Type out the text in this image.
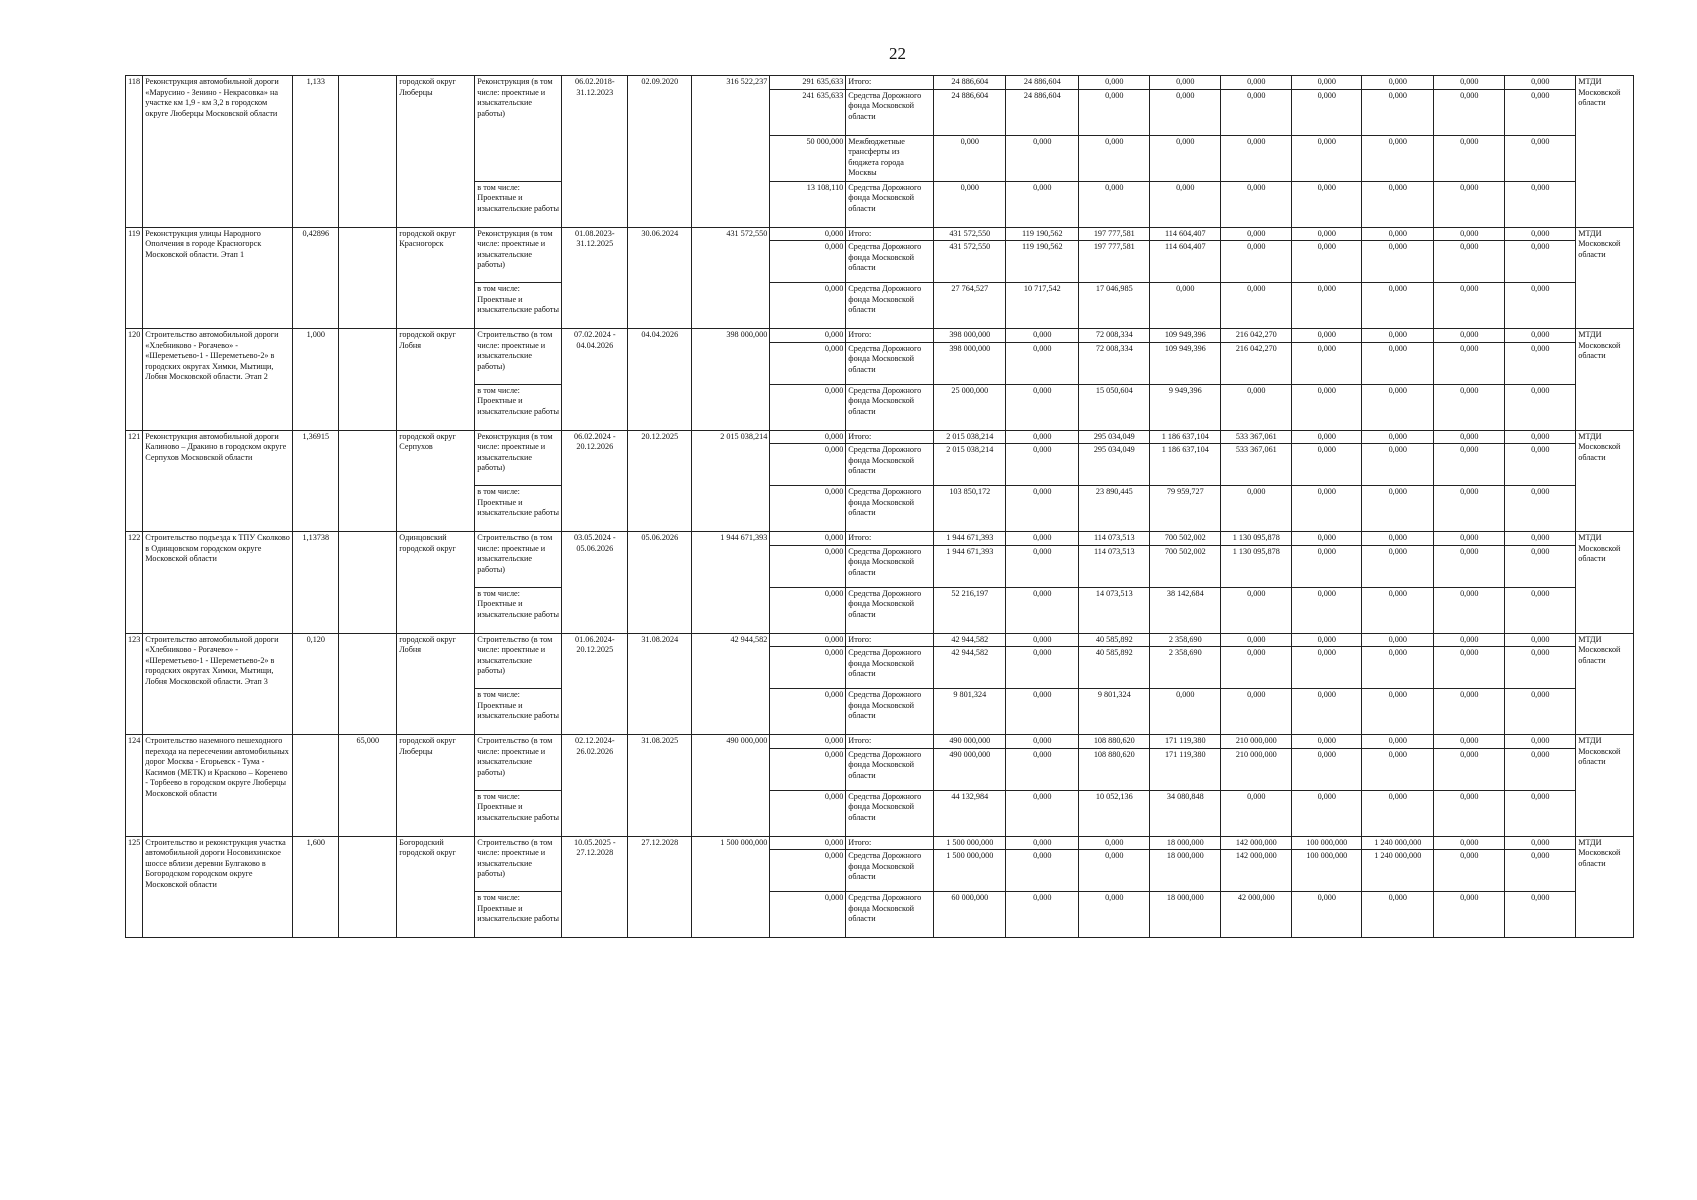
22
118	Реконструкция автомобильной дороги «Марусино - Зенино - Некрасовка» на участке км 1,9 - км 3,2 в городском округе Люберцы Московской области	1,133		городской округ Люберцы	Реконструкция (в том числе: проектные и изыскательские работы)	06.02.2018-31.12.2023	02.09.2020	316 522,237	291 635,633	Итого:	24 886,604	24 886,604	0,000	0,000	0,000	0,000	0,000	0,000	0,000	МТДИ Московской области
									241 635,633	Средства Дорожного фонда Московской области	24 886,604	24 886,604	0,000	0,000	0,000	0,000	0,000	0,000	0,000	
									50 000,000	Межбюджетные трансферты из бюджета города Москвы	0,000	0,000	0,000	0,000	0,000	0,000	0,000	0,000	0,000	
					в том числе: Проектные и изыскательские работы				13 108,110	Средства Дорожного фонда Московской области	0,000	0,000	0,000	0,000	0,000	0,000	0,000	0,000	0,000	
119	Реконструкция улицы Народного Ополчения в городе Красногорск Московской области. Этап 1	0,42896		городской округ Красногорск	Реконструкция (в том числе: проектные и изыскательские работы)	01.08.2023-31.12.2025	30.06.2024	431 572,550	0,000	Итого:	431 572,550	119 190,562	197 777,581	114 604,407	0,000	0,000	0,000	0,000	0,000	МТДИ Московской области
									0,000	Средства Дорожного фонда Московской области	431 572,550	119 190,562	197 777,581	114 604,407	0,000	0,000	0,000	0,000	0,000	
					в том числе: Проектные и изыскательские работы				0,000	Средства Дорожного фонда Московской области	27 764,527	10 717,542	17 046,985	0,000	0,000	0,000	0,000	0,000	0,000	
120	Строительство автомобильной дороги «Хлебниково - Рогачево» - «Шереметьево-1 - Шереметьево-2» в городских округах Химки, Мытищи, Лобня Московской области. Этап 2	1,000		городской округ Лобня	Строительство (в том числе: проектные и изыскательские работы)	07.02.2024 - 04.04.2026	04.04.2026	398 000,000	0,000	Итого:	398 000,000	0,000	72 008,334	109 949,396	216 042,270	0,000	0,000	0,000	0,000	МТДИ Московской области
									0,000	Средства Дорожного фонда Московской области	398 000,000	0,000	72 008,334	109 949,396	216 042,270	0,000	0,000	0,000	0,000	
					в том числе: Проектные и изыскательские работы				0,000	Средства Дорожного фонда Московской области	25 000,000	0,000	15 050,604	9 949,396	0,000	0,000	0,000	0,000	0,000	
121	Реконструкция автомобильной дороги Калиново – Дракино в городском округе Серпухов Московской области	1,36915		городской округ Серпухов	Реконструкция (в том числе: проектные и изыскательские работы)	06.02.2024 - 20.12.2026	20.12.2025	2 015 038,214	0,000	Итого:	2 015 038,214	0,000	295 034,049	1 186 637,104	533 367,061	0,000	0,000	0,000	0,000	МТДИ Московской области
									0,000	Средства Дорожного фонда Московской области	2 015 038,214	0,000	295 034,049	1 186 637,104	533 367,061	0,000	0,000	0,000	0,000	
					в том числе: Проектные и изыскательские работы				0,000	Средства Дорожного фонда Московской области	103 850,172	0,000	23 890,445	79 959,727	0,000	0,000	0,000	0,000	0,000	
122	Строительство подъезда к ТПУ Сколково в Одинцовском городском округе Московской области	1,13738		Одинцовский городской округ	Строительство (в том числе: проектные и изыскательские работы)	03.05.2024 - 05.06.2026	05.06.2026	1 944 671,393	0,000	Итого:	1 944 671,393	0,000	114 073,513	700 502,002	1 130 095,878	0,000	0,000	0,000	0,000	МТДИ Московской области
									0,000	Средства Дорожного фонда Московской области	1 944 671,393	0,000	114 073,513	700 502,002	1 130 095,878	0,000	0,000	0,000	0,000	
					в том числе: Проектные и изыскательские работы				0,000	Средства Дорожного фонда Московской области	52 216,197	0,000	14 073,513	38 142,684	0,000	0,000	0,000	0,000	0,000	
123	Строительство автомобильной дороги «Хлебниково - Рогачево» - «Шереметьево-1 - Шереметьево-2» в городских округах Химки, Мытищи, Лобня Московской области. Этап 3	0,120		городской округ Лобня	Строительство (в том числе: проектные и изыскательские работы)	01.06.2024-20.12.2025	31.08.2024	42 944,582	0,000	Итого:	42 944,582	0,000	40 585,892	2 358,690	0,000	0,000	0,000	0,000	0,000	МТДИ Московской области
									0,000	Средства Дорожного фонда Московской области	42 944,582	0,000	40 585,892	2 358,690	0,000	0,000	0,000	0,000	0,000	
					в том числе: Проектные и изыскательские работы				0,000	Средства Дорожного фонда Московской области	9 801,324	0,000	9 801,324	0,000	0,000	0,000	0,000	0,000	0,000	
124	Строительство наземного пешеходного перехода на пересечении автомобильных дорог Москва - Егорьевск - Тума - Касимов (МЕТК) и Красково – Коренево - Торбеево в городском округе Люберцы Московской области		65,000	городской округ Люберцы	Строительство (в том числе: проектные и изыскательские работы)	02.12.2024-26.02.2026	31.08.2025	490 000,000	0,000	Итого:	490 000,000	0,000	108 880,620	171 119,380	210 000,000	0,000	0,000	0,000	0,000	МТДИ Московской области
									0,000	Средства Дорожного фонда Московской области	490 000,000	0,000	108 880,620	171 119,380	210 000,000	0,000	0,000	0,000	0,000	
					в том числе: Проектные и изыскательские работы				0,000	Средства Дорожного фонда Московской области	44 132,984	0,000	10 052,136	34 080,848	0,000	0,000	0,000	0,000	0,000	
125	Строительство и реконструкция участка автомобильной дороги Носовихинское шоссе вблизи деревни Булгаково в Богородском городском округе Московской области	1,600		Богородский городской округ	Строительство (в том числе: проектные и изыскательские работы)	10.05.2025 - 27.12.2028	27.12.2028	1 500 000,000	0,000	Итого:	1 500 000,000	0,000	0,000	18 000,000	142 000,000	100 000,000	1 240 000,000	0,000	0,000	МТДИ Московской области
									0,000	Средства Дорожного фонда Московской области	1 500 000,000	0,000	0,000	18 000,000	142 000,000	100 000,000	1 240 000,000	0,000	0,000	
					в том числе: Проектные и изыскательские работы				0,000	Средства Дорожного фонда Московской области	60 000,000	0,000	0,000	18 000,000	42 000,000	0,000	0,000	0,000	0,000	
